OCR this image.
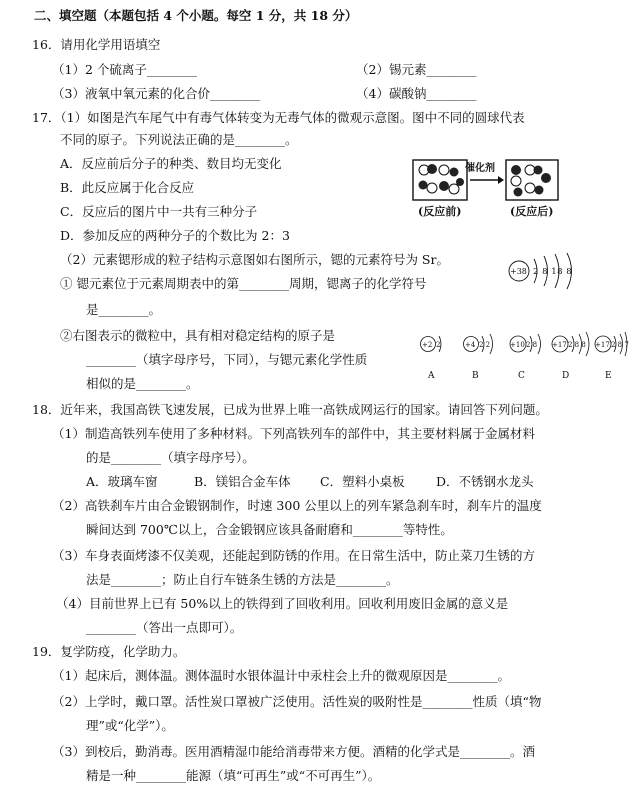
二、填空题（本题包括 4 个小题。每空 1 分，共 18 分）
16．请用化学用语填空
（1）2 个硫离子________	（2）锡元素________
（3）液氧中氧元素的化合价________	（4）碳酸钠________
17．（1）如图是汽车尾气中有毒气体转变为无毒气体的微观示意图。图中不同的圆球代表
不同的原子。下列说法正确的是________。
A．反应前后分子的种类、数目均无变化
B．此反应属于化合反应
C．反应后的图片中一共有三种分子
D．参加反应的两种分子的个数比为 2：3
催化剂
(反应前)	(反应后)
（2）元素锶形成的粒子结构示意图如右图所示，锶的元素符号为 Sr。
① 锶元素位于元素周期表中的第________周期，锶离子的化学符号
是________。
②右图表示的微粒中，具有相对稳定结构的原子是
________（填字母序号，下同），与锶元素化学性质
相似的是________。
+38 2 8 18 8
+2 2	+4 2 2	+10 2 8 +17 2 8 8 +17 2 8 7
A	B	C	D	E
18．近年来，我国高铁飞速发展，已成为世界上唯一高铁成网运行的国家。请回答下列问题。
（1）制造高铁列车使用了多种材料。下列高铁列车的部件中，其主要材料属于金属材料
的是________（填字母序号）。
A．玻璃车窗	B．镁铝合金车体 C．塑料小桌板	D．不锈钢水龙头
（2）高铁刹车片由合金锻钢制作，时速 300 公里以上的列车紧急刹车时，刹车片的温度
瞬间达到 700℃以上，合金锻钢应该具备耐磨和________等特性。
（3）车身表面烤漆不仅美观，还能起到防锈的作用。在日常生活中，防止菜刀生锈的方
法是________；防止自行车链条生锈的方法是________。
（4）目前世界上已有 50%以上的铁得到了回收利用。回收利用废旧金属的意义是
________（答出一点即可）。
19．复学防疫，化学助力。
（1）起床后，测体温。测体温时水银体温计中汞柱会上升的微观原因是________。
（2）上学时，戴口罩。活性炭口罩被广泛使用。活性炭的吸附性是________性质（填“物
理”或“化学”）。
（3）到校后，勤消毒。医用酒精湿巾能给消毒带来方便。酒精的化学式是________。酒
精是一种________能源（填“可再生”或“不可再生”）。
